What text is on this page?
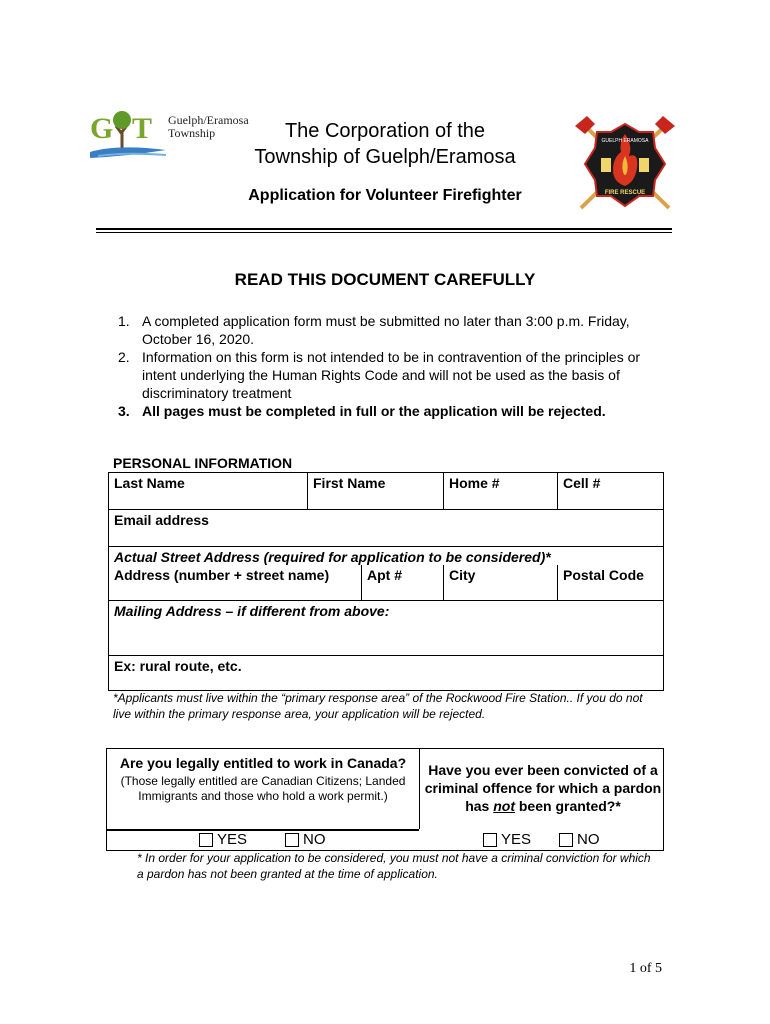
G T Guelph/Eramosa
Township	The Corporation of the
Township of Guelph/Eramosa
Application for Volunteer Firefighter
GUELPH ERAMOSA
FIRE RESCUE
READ THIS DOCUMENT CAREFULLY
1. A completed application form must be submitted no later than 3:00 p.m. Friday, October 16, 2020.
2. Information on this form is not intended to be in contravention of the principles or intent underlying the Human Rights Code and will not be used as the basis of discriminatory treatment
3. All pages must be completed in full or the application will be rejected.
PERSONAL INFORMATION
Last Name	First Name	Home #	Cell #
Email address
Actual Street Address (required for application to be considered)*
Address (number + street name)	Apt #	City	Postal Code
Mailing Address – if different from above:
Ex: rural route, etc.
*Applicants must live within the “primary response area” of the Rockwood Fire Station.. If you do not live within the primary response area, your application will be rejected.
Are you legally entitled to work in Canada?
(Those legally entitled are Canadian Citizens; Landed Immigrants and those who hold a work permit.)
Have you ever been convicted of a criminal offence for which a pardon has not been granted?*
YES	NO	YES	NO
* In order for your application to be considered, you must not have a criminal conviction for which a pardon has not been granted at the time of application.
1 of 5
